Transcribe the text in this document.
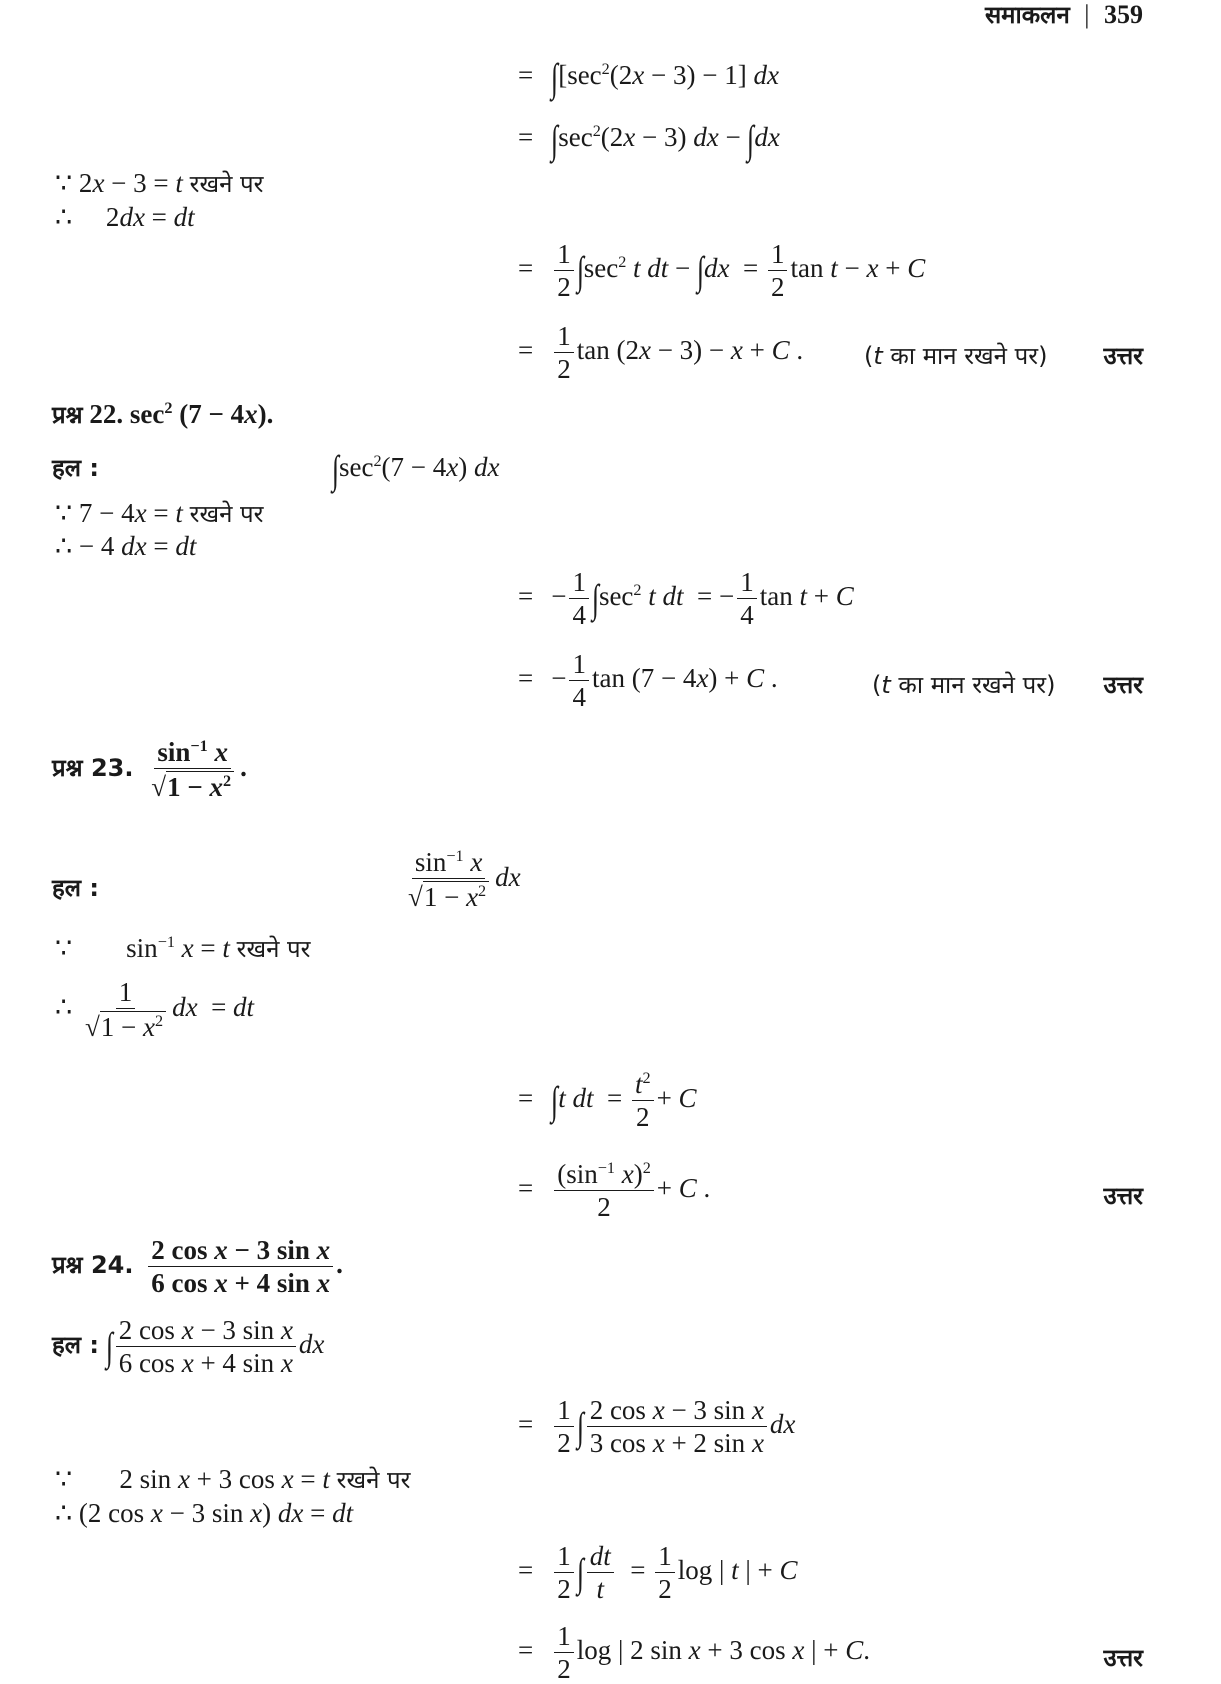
समाकलन | 359
= $\int[\sec^2(2x - 3) - 1]$ dx
= $\int\sec^2(2x - 3)$ dx − ∫dx
∵ 2x − 3 = t रखने पर
∴     2dx = dt
= $\frac{1}{2} \int\sec^2$ t dt − $\int dx = \frac{1}{2}$ tan t − x + C
= $\frac{1}{2}$ tan (2x − 3) − x + C .	(t का मान रखने पर) उत्तर
प्रश्न 22. $\sec^2 (7 - 4x)$.
हल :	$\int\sec^2(7 - 4x)$ dx
∵ 7 − 4x = t रखने पर
∴ − 4 dx = dt
= − $\frac{1}{4} \int\sec^2$ t dt  = − $\frac{1}{4}$ tan t + C
= − $\frac{1}{4}$ tan (7 − 4x) + C .	(t का मान रखने पर) उत्तर
प्रश्न 23. $\frac{\sin^{-1} x}{√1 - x^2}$ .
हल :	$\frac{\sin^{-1} x}{√1 - x^2}$ dx
∵        $\sin^{-1} x = t$ रखने पर
∴ $\frac{1}{√1 - x^2}$ dx  = dt
= ∫t dt  = $\frac{t^2}{2} + C$
= $\frac{(\sin^{-1} x)^2}{2} + C$ .	उत्तर
प्रश्न 24. $\frac{\text{2 cos x − 3 sin x}}{\text{6 cos x + 4 sin x}}$ .
हल : ∫ $\frac{\text{2 cos x − 3 sin x}}{\text{6 cos x + 4 sin x}}$ dx
= $\frac{1}{2}$ ∫ $\frac{\text{2 cos x − 3 sin x}}{\text{3 cos x + 2 sin x}}$ dx
∵       2 sin x + 3 cos x = t रखने पर
∴ (2 cos x − 3 sin x) dx = dt
= $\frac{1}{2}$ ∫ $\frac{dt}{t} = \frac{1}{2}$ log | t | + C
= $\frac{1}{2}$ log | 2 sin x + 3 cos x | + C.	उत्तर
